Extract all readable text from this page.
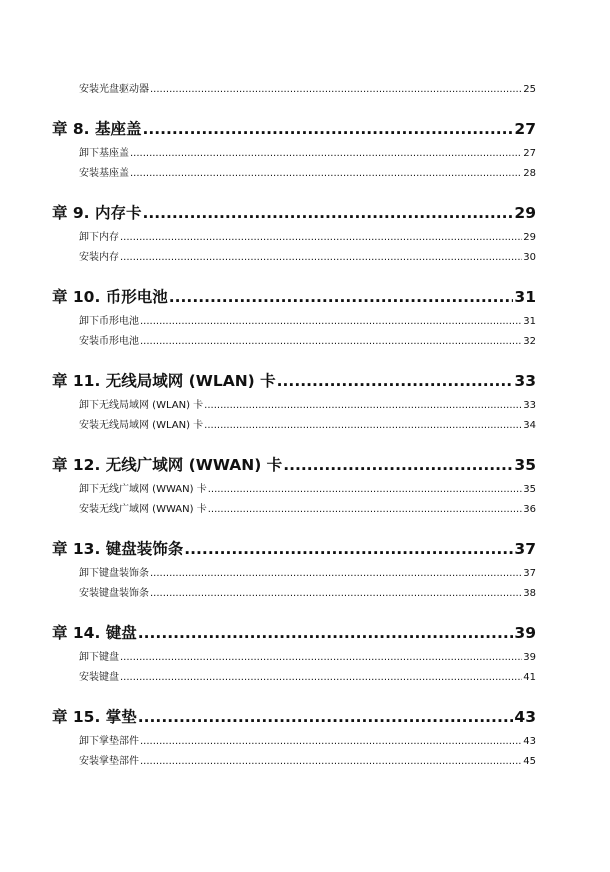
安装光盘驱动器 .....	25
章 8. 基座盖 .....	27
卸下基座盖 .....	27
安装基座盖 .....	28
章 9. 内存卡 .....	29
卸下内存 .....	29
安装内存 .....	30
章 10. 币形电池 .....	31
卸下币形电池 .....	31
安装币形电池 .....	32
章 11. 无线局域网 (WLAN) 卡 .....	33
卸下无线局域网 (WLAN) 卡 .....	33
安装无线局域网 (WLAN) 卡 .....	34
章 12. 无线广域网 (WWAN) 卡 .....	35
卸下无线广域网 (WWAN) 卡 .....	35
安装无线广域网 (WWAN) 卡 .....	36
章 13. 键盘装饰条 .....	37
卸下键盘装饰条 .....	37
安装键盘装饰条 .....	38
章 14. 键盘 .....	39
卸下键盘 .....	39
安装键盘 .....	41
章 15. 掌垫 .....	43
卸下掌垫部件 .....	43
安装掌垫部件 .....	45
